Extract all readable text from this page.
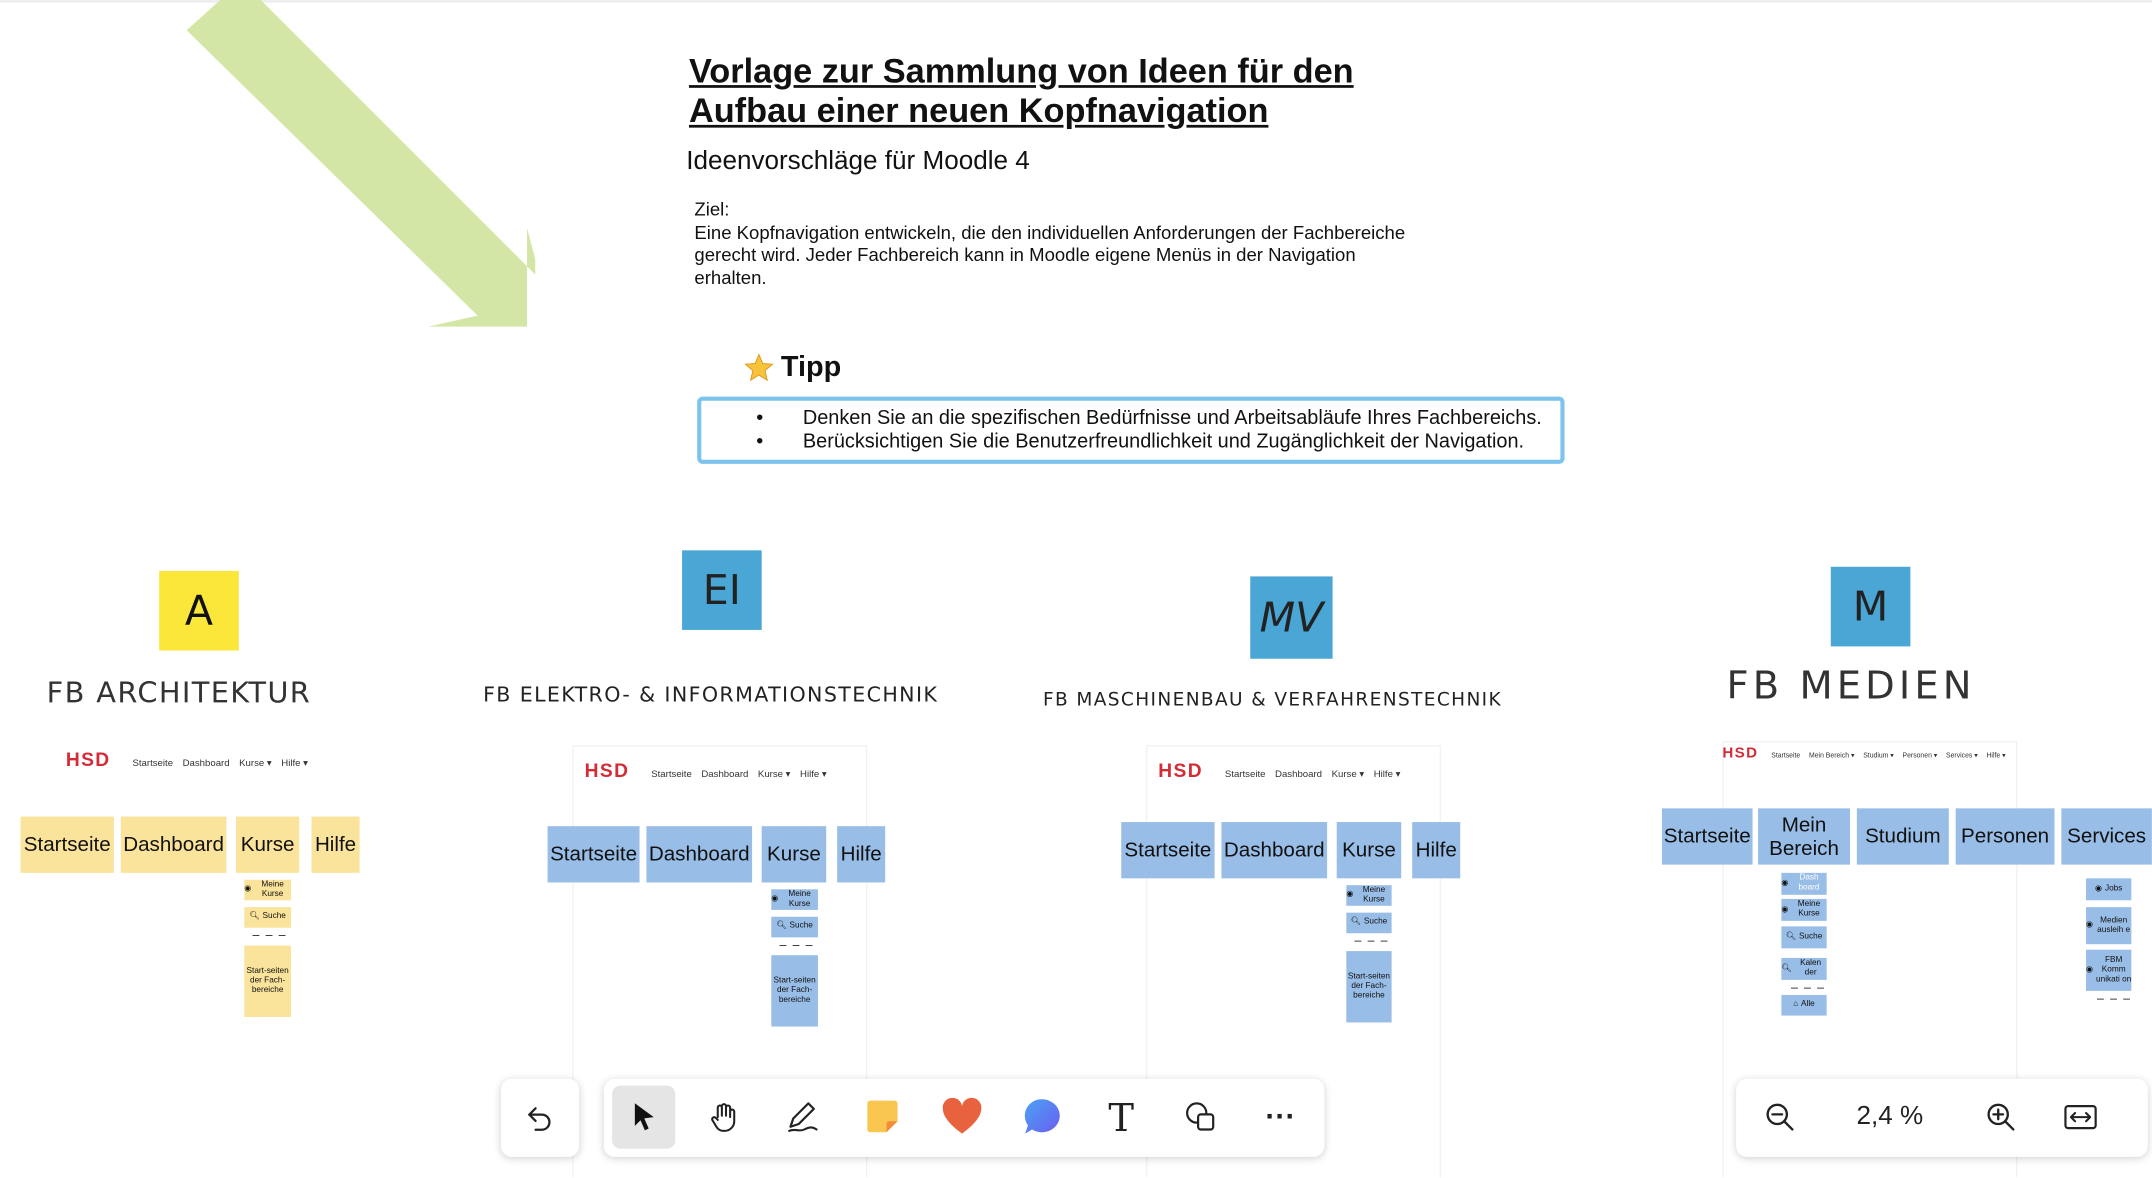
Vorlage zur Sammlung von Ideen für den
Aufbau einer neuen Kopfnavigation
Ideenvorschläge für Moodle 4
Ziel:
Eine Kopfnavigation entwickeln, die den individuellen Anforderungen der Fachbereiche gerecht wird. Jeder Fachbereich kann in Moodle eigene Menüs in der Navigation erhalten.
Tipp
•	Denken Sie an die spezifischen Bedürfnisse und Arbeitsabläufe Ihres Fachbereichs.
•	Berücksichtigen Sie die Benutzerfreundlichkeit und Zugänglichkeit der Navigation.
A
FB ARCHITEKTUR
HSD	Startseite Dashboard Kurse ▾ Hilfe ▾
Startseite Dashboard	Kurse	Hilfe
◉
Meine Kurse
🔍︎ Suche
– – –
Start-seiten der Fach-bereiche
EI
FB ELEKTRO- & INFORMATIONSTECHNIK
HSD	Startseite Dashboard Kurse ▾ Hilfe ▾
Startseite Dashboard	Kurse	Hilfe
◉
Meine Kurse
🔍︎ Suche
– – –
Start-seiten der Fach-bereiche
MV
FB MASCHINENBAU & VERFAHRENSTECHNIK
HSD	Startseite Dashboard Kurse ▾ Hilfe ▾
Startseite Dashboard	Kurse	Hilfe
◉
Meine Kurse
🔍︎ Suche
– – –
Start-seiten der Fach-bereiche
M
FB MEDIEN
HSD	Startseite Mein Bereich ▾ Studium ▾ Personen ▾ Services ▾ Hilfe ▾
Startseite	Mein Bereich	Studium	Personen	Services
◉
Dash board
◉
Meine Kurse
🔍︎ Suche
🔍︎
Kalen der
– – –
⌂ Alle
◉ Jobs
◉
Medien ausleih e
◉
FBM Komm unikati on
– – –
T	···	2,4 %
